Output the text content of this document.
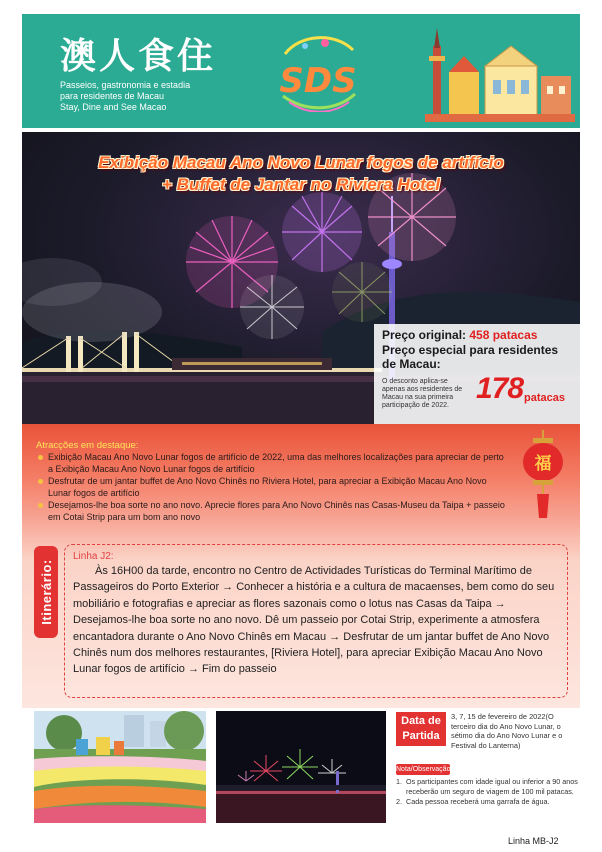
澳人食住
Passeios, gastronomia e estadia
para residentes de Macau
Stay, Dine and See Macao
SDS
Exibição Macau Ano Novo Lunar fogos de artifício
+ Buffet de Jantar no Riviera Hotel
Preço original: 458 patacas
Preço especial para residentes
de Macau:
O desconto aplica-se apenas aos residentes de Macau na sua primeira participação de 2022.
178 patacas
Atracções em destaque:
Exibição Macau Ano Novo Lunar fogos de artifício de 2022, uma das melhores localizações para apreciar de perto a Exibição Macau Ano Novo Lunar fogos de artifício
Desfrutar de um jantar buffet de Ano Novo Chinês no Riviera Hotel, para apreciar a Exibição Macau Ano Novo Lunar fogos de artifício
Desejamos-lhe boa sorte no ano novo. Aprecie flores para Ano Novo Chinês nas Casas-Museu da Taipa + passeio em Cotai Strip para um bom ano novo
福
Itinerário:
Linha J2:
Às 16H00 da tarde, encontro no Centro de Actividades Turísticas do Terminal Marítimo de Passageiros do Porto Exterior → Conhecer a história e a cultura de macaenses, bem como do seu mobiliário e fotografias e apreciar as flores sazonais como o lotus nas Casas da Taipa → Desejamos-lhe boa sorte no ano novo. Dê um passeio por Cotai Strip, experimente a atmosfera encantadora durante o Ano Novo Chinês em Macau → Desfrutar de um jantar buffet de Ano Novo Chinês num dos melhores restaurantes, [Riviera Hotel], para apreciar Exibição Macau Ano Novo Lunar fogos de artifício → Fim do passeio
Data de
Partida
3, 7, 15 de fevereiro de 2022(O terceiro dia do Ano Novo Lunar, o sétimo dia do Ano Novo Lunar e o Festival do Lanterna)
Nota/Observação
1. Os participantes com idade igual ou inferior a 90 anos receberão um seguro de viagem de 100 mil patacas.
2. Cada pessoa receberá uma garrafa de água.
Linha MB-J2
